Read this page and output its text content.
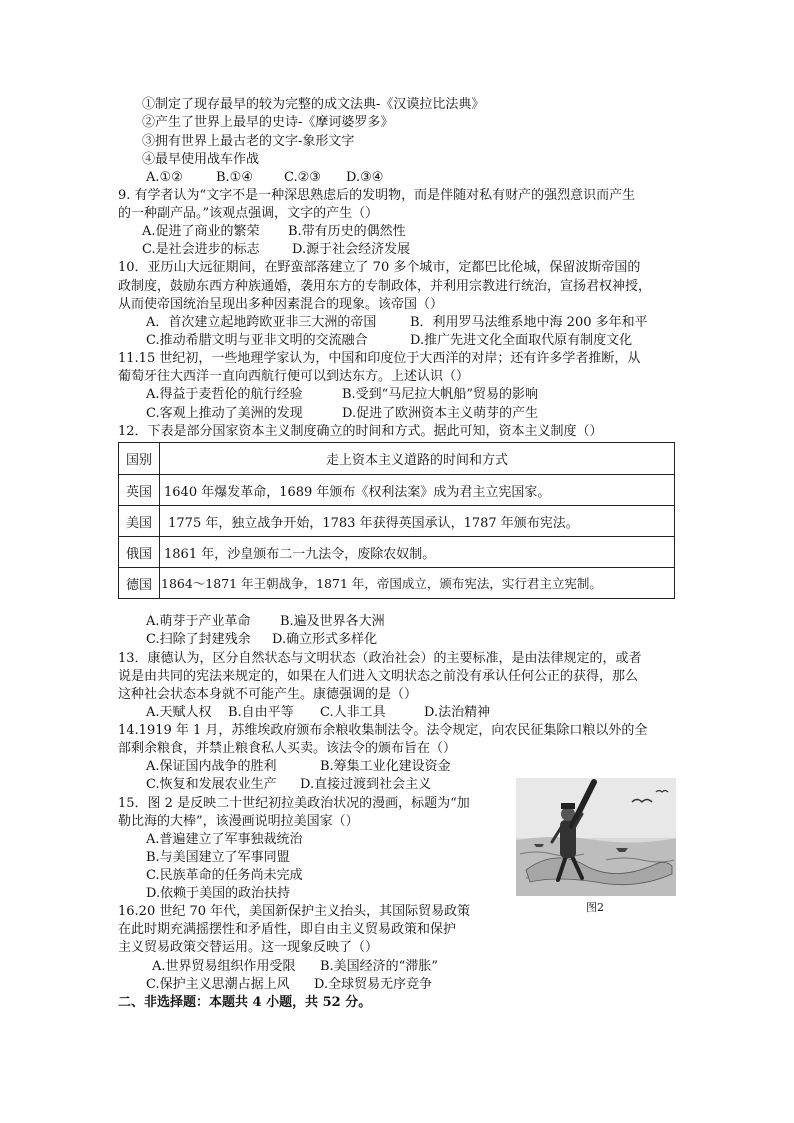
①制定了现存最早的较为完整的成文法典-《汉谟拉比法典》
②产生了世界上最早的史诗-《摩诃婆罗多》
③拥有世界上最古老的文字-象形文字
④最早使用战车作战
A.①②	B.①④ C.②③ D.③④
9. 有学者认为“文字不是一种深思熟虑后的发明物，而是伴随对私有财产的强烈意识而产生
的一种副产品。”该观点强调，文字的产生（）
A.促进了商业的繁荣 B.带有历史的偶然性
C.是社会进步的标志 D.源于社会经济发展
10．亚历山大远征期间，在野蛮部落建立了 70 多个城市，定都巴比伦城，保留波斯帝国的
政制度，鼓励东西方种族通婚，袭用东方的专制政体，并利用宗教进行统治，宣扬君权神授，
从而使帝国统治呈现出多种因素混合的现象。该帝国（）
A．首次建立起地跨欧亚非三大洲的帝国	B．利用罗马法维系地中海 200 多年和平
C.推动希腊文明与亚非文明的交流融合	D.推广先进文化全面取代原有制度文化
11.15 世纪初，一些地理学家认为，中国和印度位于大西洋的对岸；还有许多学者推断，从
葡萄牙往大西洋一直向西航行便可以到达东方。上述认识（）
A.得益于麦哲伦的航行经验	B.受到“马尼拉大帆船”贸易的影响
C.客观上推动了美洲的发现	D.促进了欧洲资本主义萌芽的产生
12．下表是部分国家资本主义制度确立的时间和方式。据此可知，资本主义制度（）
国别	走上资本主义道路的时间和方式
英国	1640 年爆发革命，1689 年颁布《权利法案》成为君主立宪国家。
美国	1775 年，独立战争开始，1783 年获得英国承认，1787 年颁布宪法。
俄国	1861 年，沙皇颁布二一九法令，废除农奴制。
德国	1864～1871 年王朝战争，1871 年，帝国成立，颁布宪法，实行君主立宪制。
A.萌芽于产业革命 B.遍及世界各大洲
C.扫除了封建残余 D.确立形式多样化
13．康德认为，区分自然状态与文明状态（政治社会）的主要标准，是由法律规定的，或者
说是由共同的宪法来规定的，如果在人们进入文明状态之前没有承认任何公正的获得，那么
这种社会状态本身就不可能产生。康德强调的是（）
A.天赋人权 B.自由平等 C.人非工具	D.法治精神
14.1919 年 1 月，苏维埃政府颁布余粮收集制法令。法令规定，向农民征集除口粮以外的全
部剩余粮食，并禁止粮食私人买卖。该法令的颁布旨在（）
A.保证国内战争的胜利	B.筹集工业化建设资金
C.恢复和发展农业生产 D.直接过渡到社会主义
15．图 2 是反映二十世纪初拉美政治状况的漫画，标题为“加
勒比海的大棒”，该漫画说明拉美国家（）
A.普遍建立了军事独裁统治
B.与美国建立了军事同盟
C.民族革命的任务尚未完成
D.依赖于美国的政治扶持
图2
16.20 世纪 70 年代，美国新保护主义抬头，其国际贸易政策
在此时期充满摇摆性和矛盾性，即自由主义贸易政策和保护
主义贸易政策交替运用。这一现象反映了（）
A.世界贸易组织作用受限 B.美国经济的“滞胀”
C.保护主义思潮占据上风 D.全球贸易无序竞争
二、非选择题：本题共 4 小题，共 52 分。
